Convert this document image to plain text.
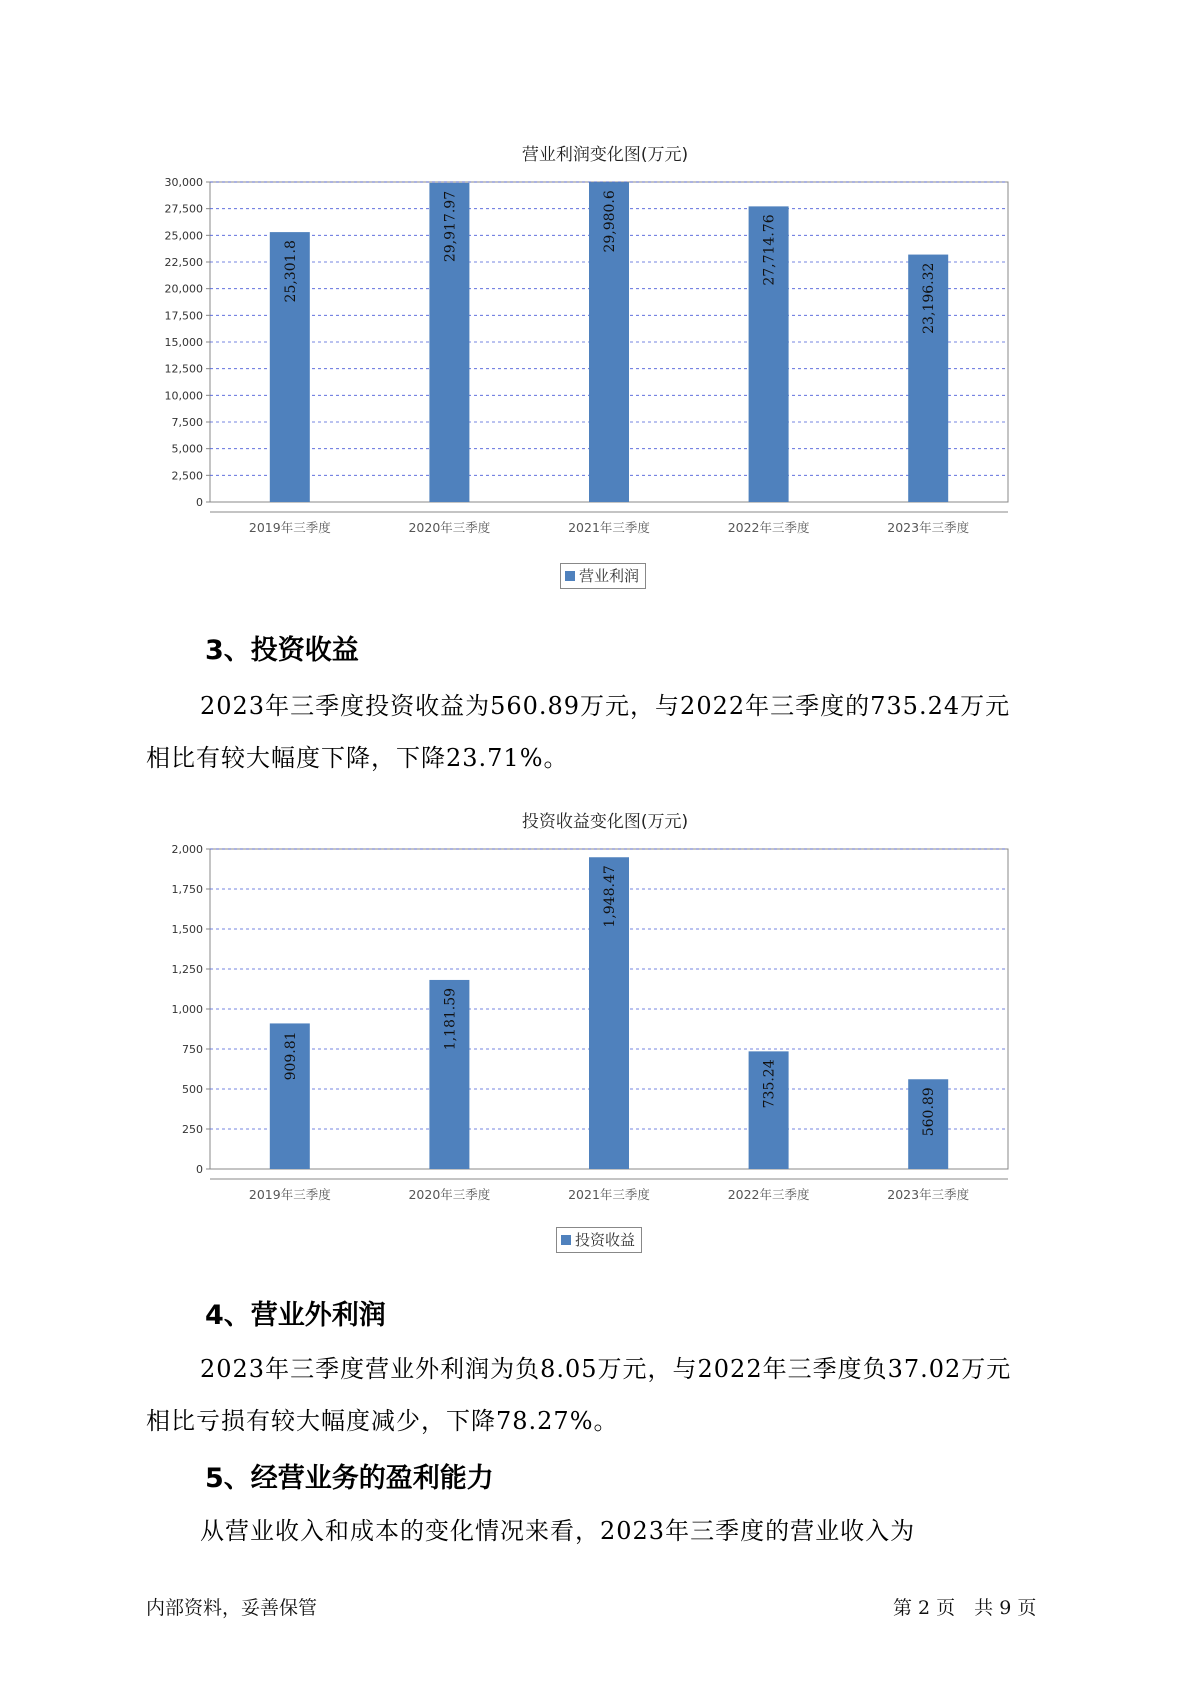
营业利润变化图(万元)
0
2,500
5,000
7,500
10,000
12,500
15,000
17,500
20,000
22,500
25,000
27,500
30,000
25,301.8
2019年三季度
29,917.97
2020年三季度
29,980.6
2021年三季度
27,714.76
2022年三季度
23,196.32
2023年三季度
营业利润
3、投资收益
2023年三季度投资收益为560.89万元，与2022年三季度的735.24万元
相比有较大幅度下降，下降23.71%。
投资收益变化图(万元)
0
250
500
750
1,000
1,250
1,500
1,750
2,000
909.81
2019年三季度
1,181.59
2020年三季度
1,948.47
2021年三季度
735.24
2022年三季度
560.89
2023年三季度
投资收益
4、营业外利润
2023年三季度营业外利润为负8.05万元，与2022年三季度负37.02万元
相比亏损有较大幅度减少，下降78.27%。
5、经营业务的盈利能力
从营业收入和成本的变化情况来看，2023年三季度的营业收入为
内部资料，妥善保管	第 2 页　共 9 页
